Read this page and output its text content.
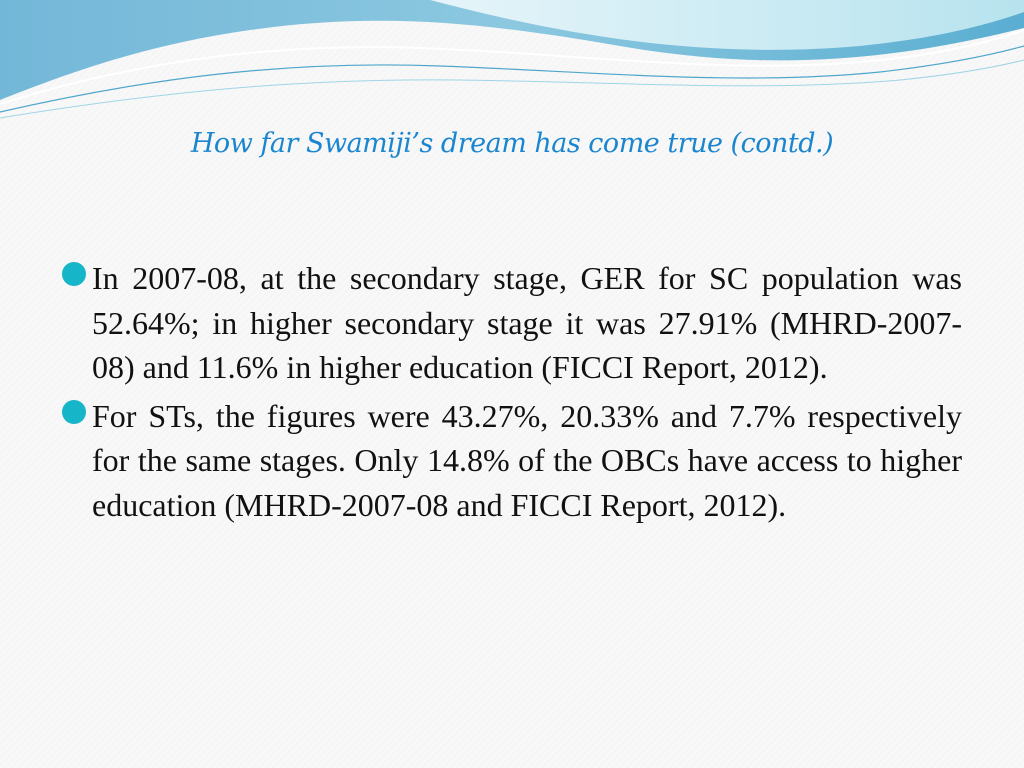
How far Swamiji’s dream has come true (contd.)
In 2007-08, at the secondary stage, GER for SC population was 52.64%; in higher secondary stage it was 27.91% (MHRD-2007-08) and 11.6% in higher education (FICCI Report, 2012).
For STs, the figures were 43.27%, 20.33% and 7.7% respectively for the same stages. Only 14.8% of the OBCs have access to higher education (MHRD-2007-08 and FICCI Report, 2012).
